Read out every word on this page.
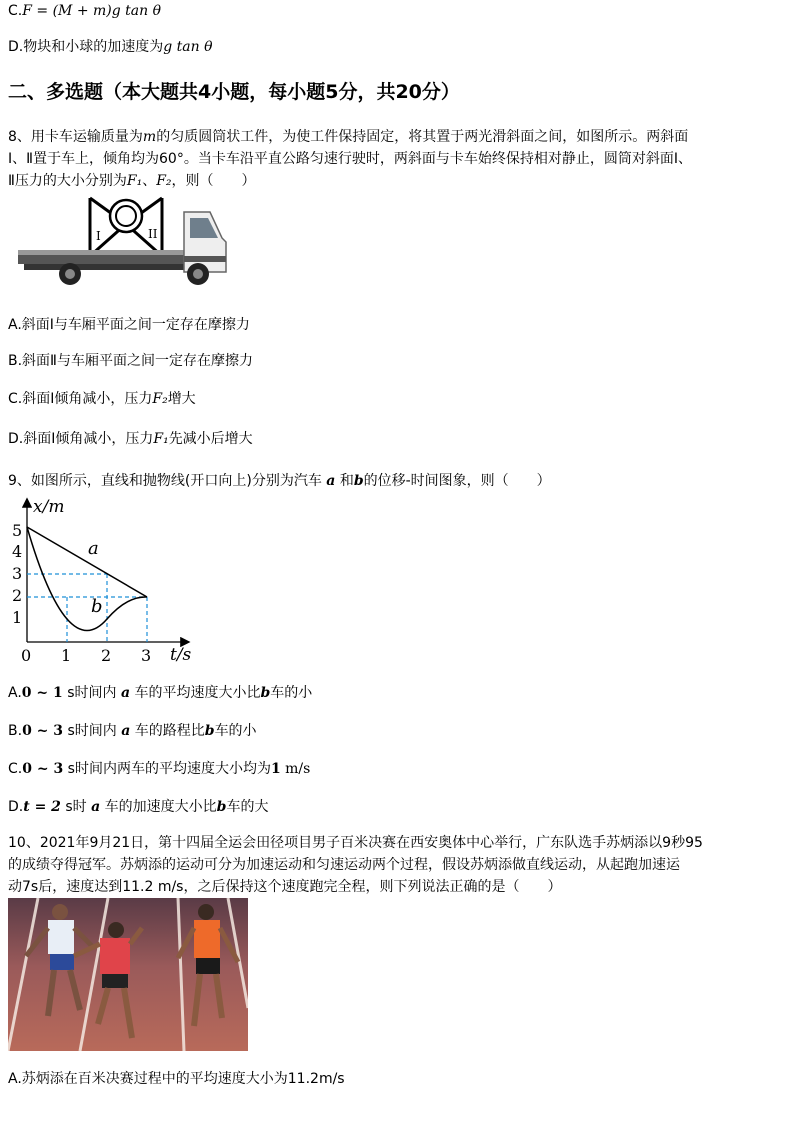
C.F = (M + m)g tan θ
D.物块和小球的加速度为g tan θ
二、多选题（本大题共4小题，每小题5分，共20分）
8、用卡车运输质量为m的匀质圆筒状工件，为使工件保持固定，将其置于两光滑斜面之间，如图所示。两斜面
Ⅰ、Ⅱ置于车上，倾角均为60°。当卡车沿平直公路匀速行驶时，两斜面与卡车始终保持相对静止，圆筒对斜面Ⅰ、
Ⅱ压力的大小分别为F₁、F₂，则（　　）
I	II
A.斜面Ⅰ与车厢平面之间一定存在摩擦力
B.斜面Ⅱ与车厢平面之间一定存在摩擦力
C.斜面Ⅰ倾角减小，压力F₂增大
D.斜面Ⅰ倾角减小，压力F₁先减小后增大
9、如图所示，直线和抛物线(开口向上)分别为汽车 a 和b的位移-时间图象，则（　　）
x/m
t/s
5
4
3
2
1
0 1 2 3
a
b
A.0 ~ 1 s时间内 a 车的平均速度大小比b车的小
B.0 ~ 3 s时间内 a 车的路程比b车的小
C.0 ~ 3 s时间内两车的平均速度大小均为1 m/s
D.t = 2 s时 a 车的加速度大小比b车的大
10、2021年9月21日，第十四届全运会田径项目男子百米决赛在西安奥体中心举行，广东队选手苏炳添以9秒95
的成绩夺得冠军。苏炳添的运动可分为加速运动和匀速运动两个过程，假设苏炳添做直线运动，从起跑加速运
动7s后，速度达到11.2 m/s，之后保持这个速度跑完全程，则下列说法正确的是（　　）
A.苏炳添在百米决赛过程中的平均速度大小为11.2m/s
